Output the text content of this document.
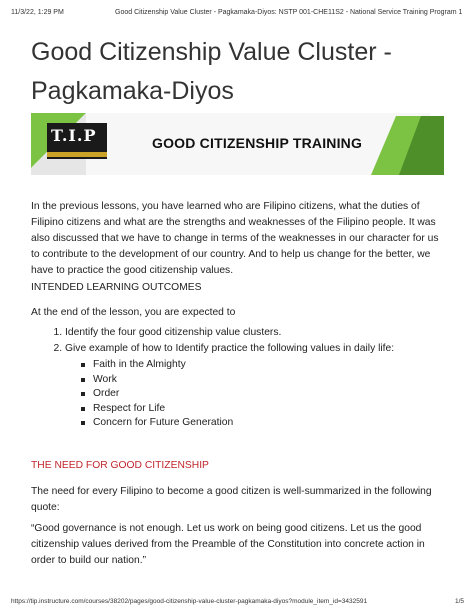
11/3/22, 1:29 PM	Good Citizenship Value Cluster - Pagkamaka-Diyos: NSTP 001-CHE11S2 - National Service Training Program 1
Good Citizenship Value Cluster - Pagkamaka-Diyos
T.I.P	GOOD CITIZENSHIP TRAINING

In the previous lessons, you have learned who are Filipino citizens, what the duties of Filipino citizens and what are the strengths and weaknesses of the Filipino people. It was also discussed that we have to change in terms of the weaknesses in our character for us to contribute to the development of our country. And to help us change for the better, we have to practice the good citizenship values.

INTENDED LEARNING OUTCOMES

At the end of the lesson, you are expected to

1. Identify the four good citizenship value clusters.
2. Give example of how to Identify practice the following values in daily life:
Faith in the Almighty
Work
Order
Respect for Life
Concern for Future Generation

THE NEED FOR GOOD CITIZENSHIP

The need for every Filipino to become a good citizen is well-summarized in the following quote:

“Good governance is not enough. Let us work on being good citizens. Let us the good citizenship values derived from the Preamble of the Constitution into concrete action in order to build our nation.”

https://tip.instructure.com/courses/38202/pages/good-citizenship-value-cluster-pagkamaka-diyos?module_item_id=3432591	1/5
